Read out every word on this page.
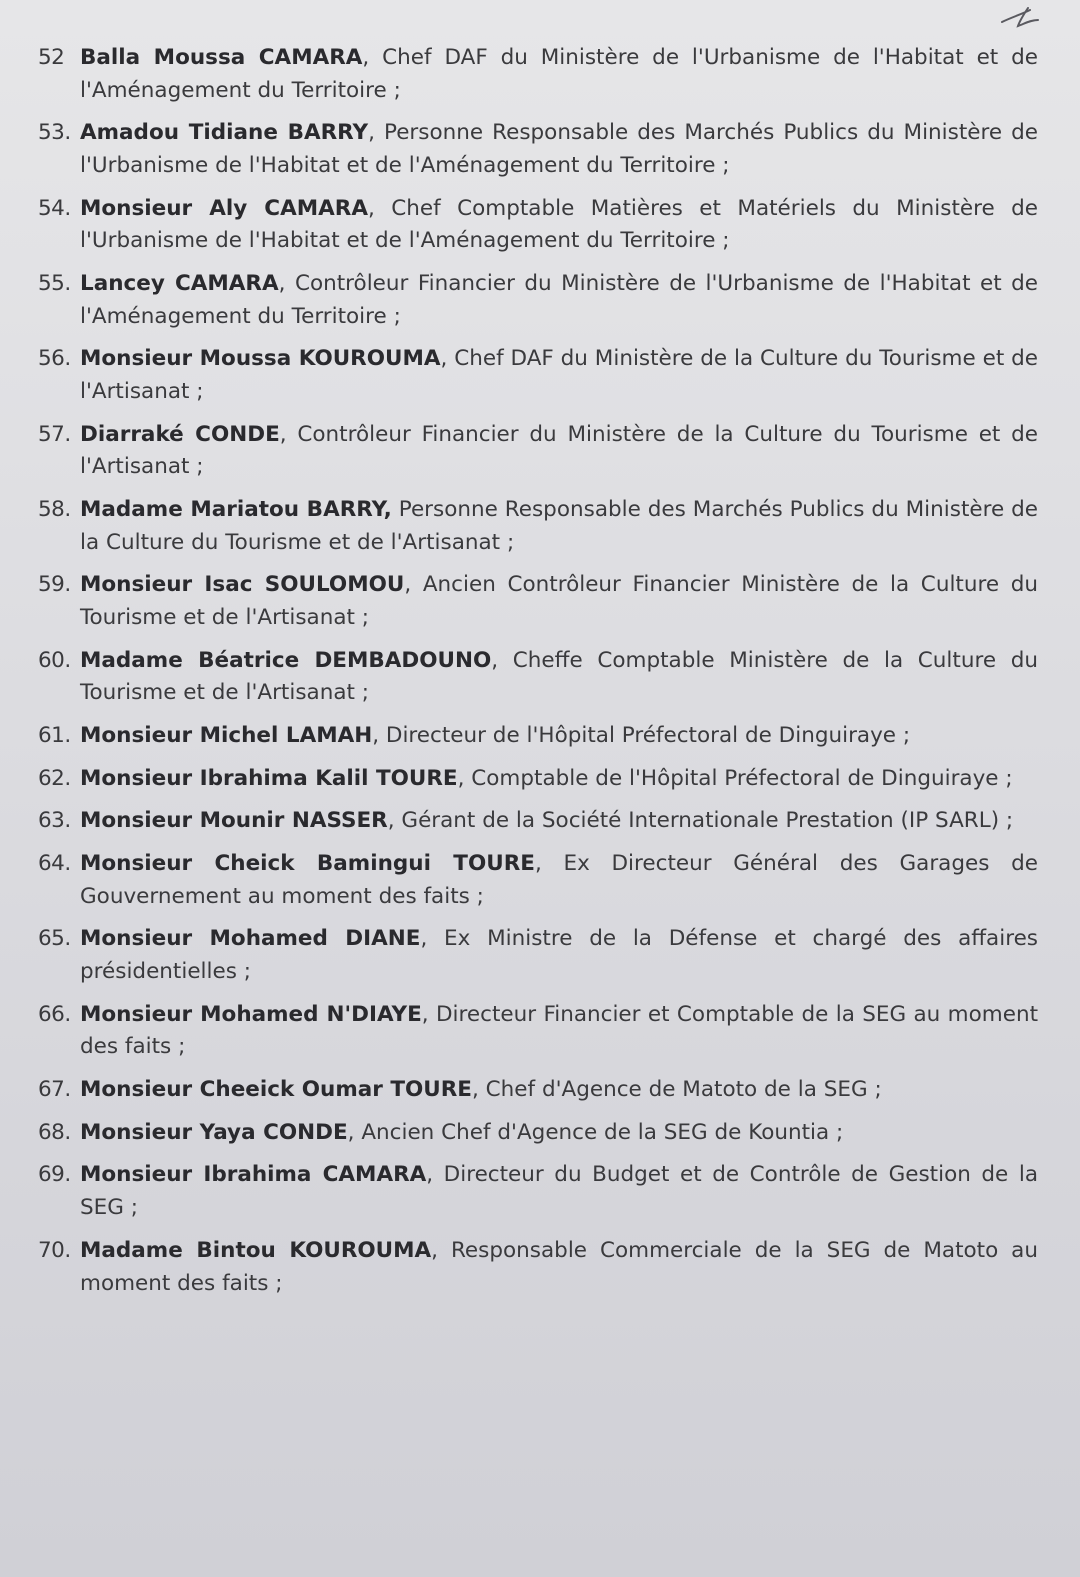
52 Balla Moussa CAMARA, Chef DAF du Ministère de l'Urbanisme de l'Habitat et de l'Aménagement du Territoire ;
53. Amadou Tidiane BARRY, Personne Responsable des Marchés Publics du Ministère de l'Urbanisme de l'Habitat et de l'Aménagement du Territoire ;
54. Monsieur Aly CAMARA, Chef Comptable Matières et Matériels du Ministère de l'Urbanisme de l'Habitat et de l'Aménagement du Territoire ;
55. Lancey CAMARA, Contrôleur Financier du Ministère de l'Urbanisme de l'Habitat et de l'Aménagement du Territoire ;
56. Monsieur Moussa KOUROUMA, Chef DAF du Ministère de la Culture du Tourisme et de l'Artisanat ;
57. Diarraké CONDE, Contrôleur Financier du Ministère de la Culture du Tourisme et de l'Artisanat ;
58. Madame Mariatou BARRY, Personne Responsable des Marchés Publics du Ministère de la Culture du Tourisme et de l'Artisanat ;
59. Monsieur Isac SOULOMOU, Ancien Contrôleur Financier Ministère de la Culture du Tourisme et de l'Artisanat ;
60. Madame Béatrice DEMBADOUNO, Cheffe Comptable Ministère de la Culture du Tourisme et de l'Artisanat ;
61. Monsieur Michel LAMAH, Directeur de l'Hôpital Préfectoral de Dinguiraye ;
62. Monsieur Ibrahima Kalil TOURE, Comptable de l'Hôpital Préfectoral de Dinguiraye ;
63. Monsieur Mounir NASSER, Gérant de la Société Internationale Prestation (IP SARL) ;
64. Monsieur Cheick Bamingui TOURE, Ex Directeur Général des Garages de Gouvernement au moment des faits ;
65. Monsieur Mohamed DIANE, Ex Ministre de la Défense et chargé des affaires présidentielles ;
66. Monsieur Mohamed N'DIAYE, Directeur Financier et Comptable de la SEG au moment des faits ;
67. Monsieur Cheeick Oumar TOURE, Chef d'Agence de Matoto de la SEG ;
68. Monsieur Yaya CONDE, Ancien Chef d'Agence de la SEG de Kountia ;
69. Monsieur Ibrahima CAMARA, Directeur du Budget et de Contrôle de Gestion de la SEG ;
70. Madame Bintou KOUROUMA, Responsable Commerciale de la SEG de Matoto au moment des faits ;
